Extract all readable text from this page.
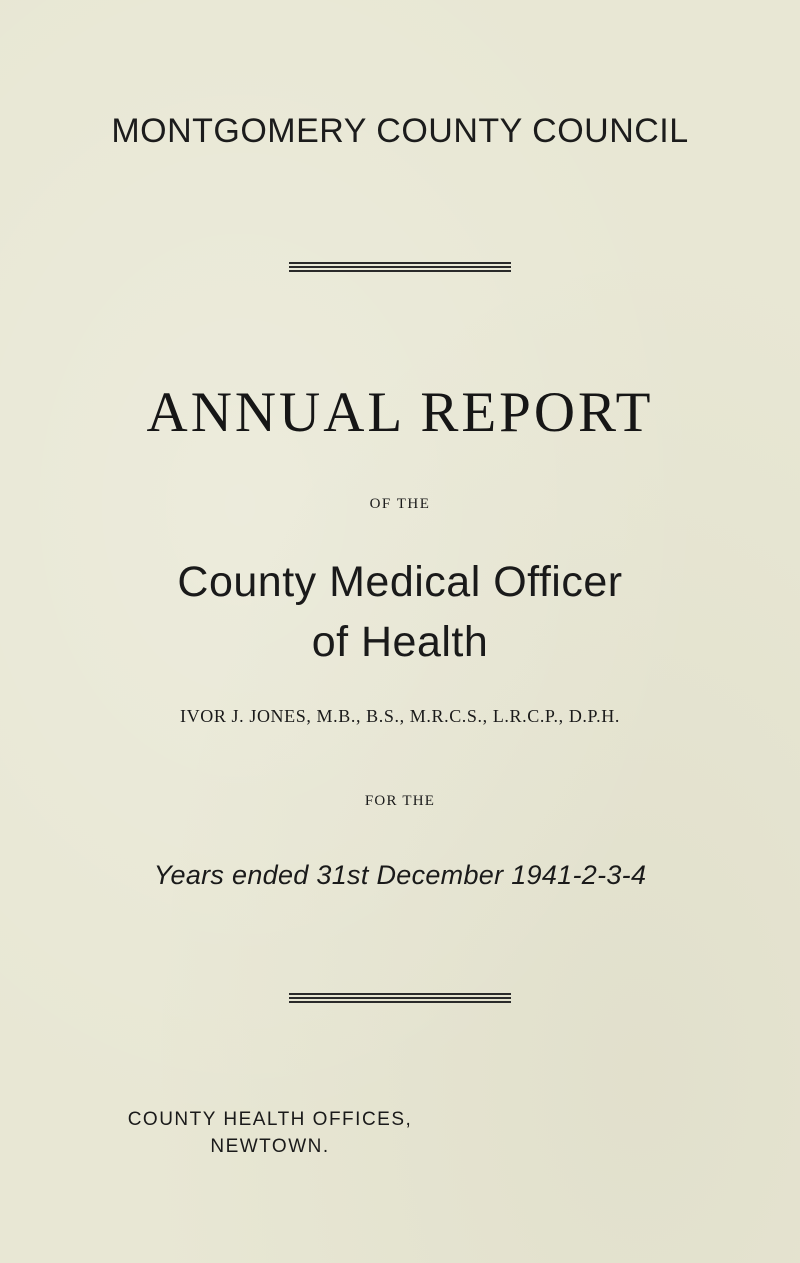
MONTGOMERY COUNTY COUNCIL
ANNUAL REPORT
OF THE
County Medical Officer
of Health
IVOR J. JONES, M.B., B.S., M.R.C.S., L.R.C.P., D.P.H.
FOR THE
Years ended 31st December 1941-2-3-4
COUNTY HEALTH OFFICES,
NEWTOWN.
